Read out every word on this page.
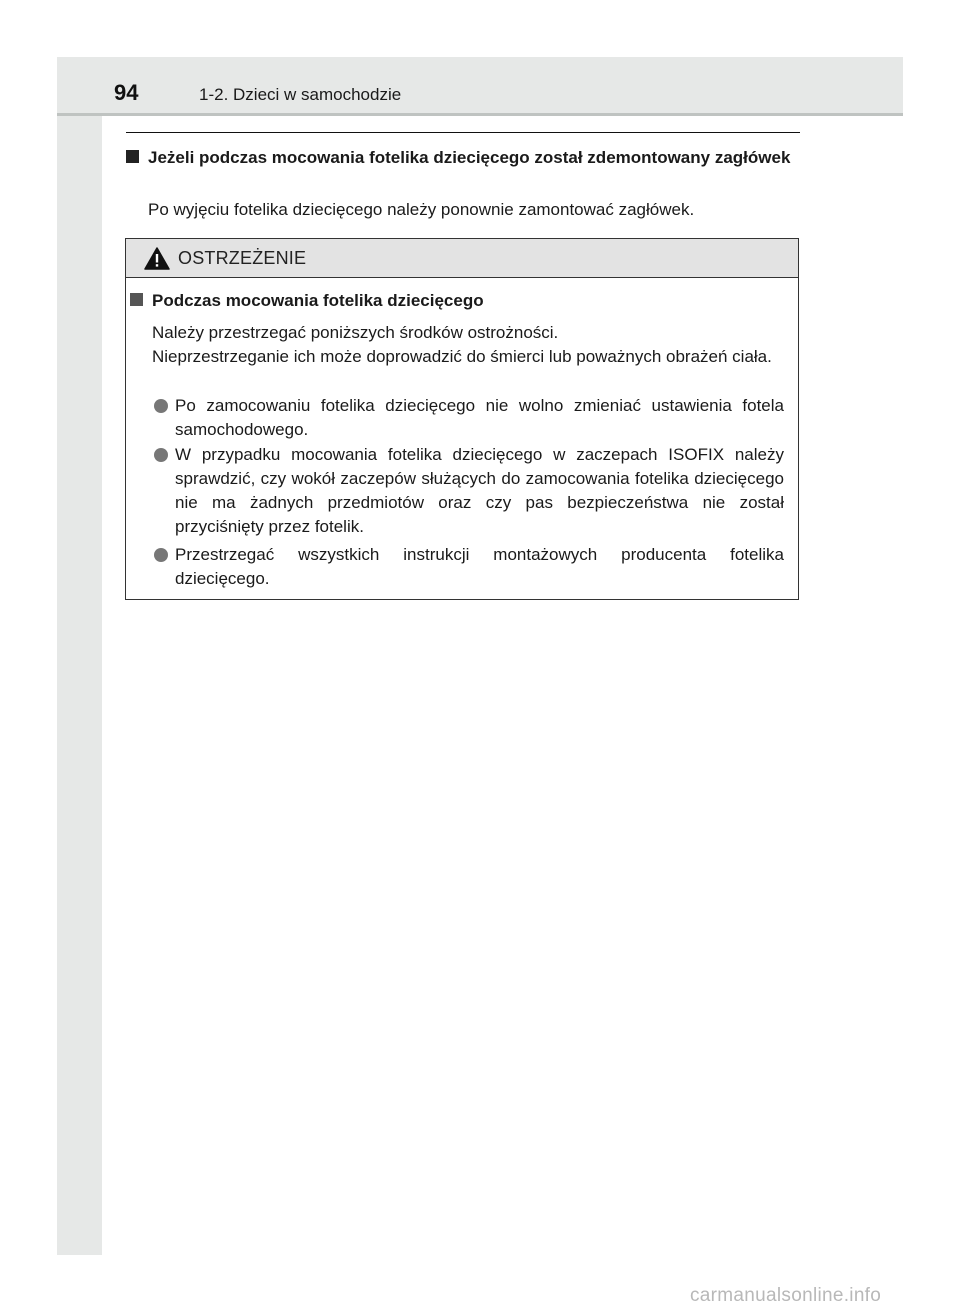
94	1-2. Dzieci w samochodzie
Jeżeli podczas mocowania fotelika dziecięcego został zdemontowany zagłówek
Po wyjęciu fotelika dziecięcego należy ponownie zamontować zagłówek.
OSTRZEŻENIE
Podczas mocowania fotelika dziecięcego

Należy przestrzegać poniższych środków ostrożności.

Nieprzestrzeganie ich może doprowadzić do śmierci lub poważnych obrażeń ciała.

Po zamocowaniu fotelika dziecięcego nie wolno zmieniać ustawienia fotela samochodowego.
W przypadku mocowania fotelika dziecięcego w zaczepach ISOFIX należy sprawdzić, czy wokół zaczepów służących do zamocowania fotelika dziecięcego nie ma żadnych przedmiotów oraz czy pas bezpieczeństwa nie został przyciśnięty przez fotelik.
Przestrzegać wszystkich instrukcji montażowych producenta fotelika dziecięcego.
carmanualsonline.info
